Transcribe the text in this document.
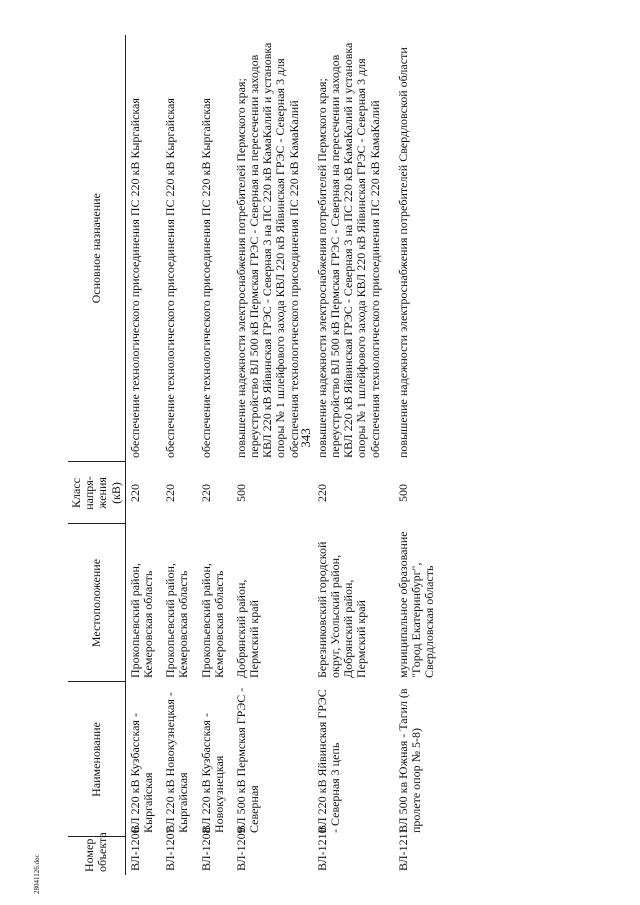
343
28041126.doc	Номер объекта	Наименование	Местоположение	Класс напря-жения (кВ)	Основное назначение
ВЛ-1206	ВЛ 220 кВ Кузбасская - Кыргайская	Прокопьевский район, Кемеровская область	220	обеспечение технологического присоединения ПС 220 кВ Кыргайская
ВЛ-1207	ВЛ 220 кВ Новокузнецкая - Кыргайская	Прокопьевский район, Кемеровская область	220	обеспечение технологического присоединения ПС 220 кВ Кыргайская
ВЛ-1208	ВЛ 220 кВ Кузбасская - Новокузнецкая	Прокопьевский район, Кемеровская область	220	обеспечение технологического присоединения ПС 220 кВ Кыргайская
ВЛ-1209	ВЛ 500 кВ Пермская ГРЭС - Северная	Добрянский район, Пермский край	500	повышение надежности электроснабжения потребителей Пермского края; переустройство ВЛ 500 кВ Пермская ГРЭС - Северная на пересечении заходов КВЛ 220 кВ Яйвинская ГРЭС - Северная 3 на ПС 220 кВ КамаКалий и установка опоры № 1 шлейфового захода КВЛ 220 кВ Яйвинская ГРЭС - Северная 3 для обеспечения технологического присоединения ПС 220 кВ КамаКалий
ВЛ-1210	ВЛ 220 кВ Яйвинская ГРЭС - Северная 3 цепь	Березниковский городской округ, Усольский район, Добрянский район, Пермский край	220	повышение надежности электроснабжения потребителей Пермского края; переустройство ВЛ 500 кВ Пермская ГРЭС - Северная на пересечении заходов КВЛ 220 кВ Яйвинская ГРЭС - Северная 3 на ПС 220 кВ КамаКалий и установка опоры № 1 шлейфового захода КВЛ 220 кВ Яйвинская ГРЭС - Северная 3 для обеспечения технологического присоединения ПС 220 кВ КамаКалий
ВЛ-1211	ВЛ 500 кв Южная - Тагил (в пролете опор № 5-8)	муниципальное образование "Город Екатеринбург", Свердловская область	500	повышение надежности электроснабжения потребителей Свердловской области
